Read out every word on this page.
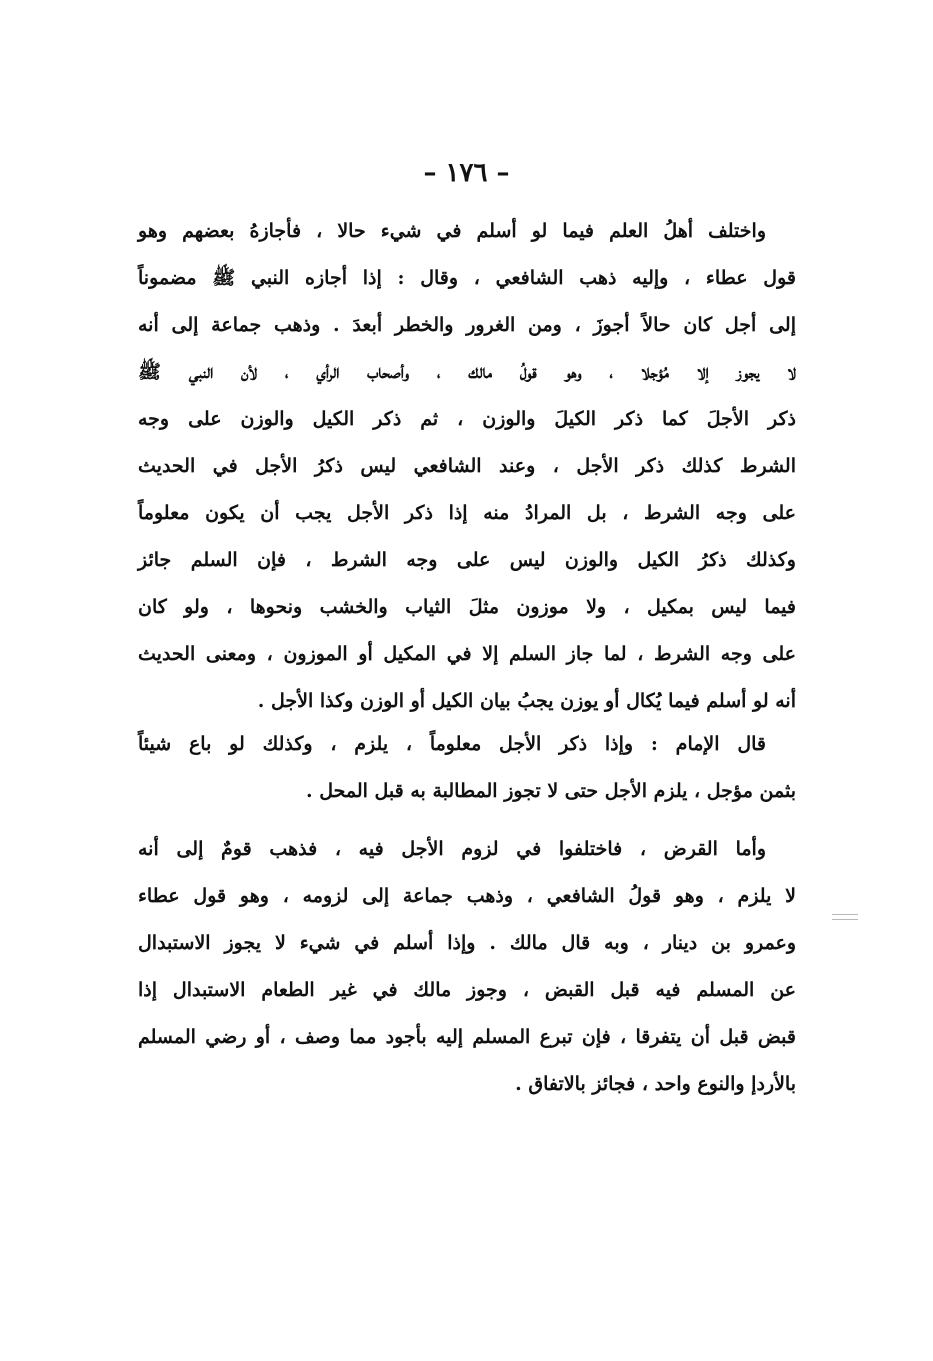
– ١٧٦ –
واختلف أهلُ العلم فيما لو أسلم في شيء حالا ، فأجازهُ بعضهم وهو
قول عطاء ، وإليه ذهب الشافعي ، وقال : إذا أجازه النبي ﷺ مضموناً
إلى أجل كان حالاً أجوزَ ، ومن الغرور والخطر أبعدَ . وذهب جماعة إلى أنه
لا يجوز إلا مُؤجلا ، وهو قولُ مالك ، وأصحاب الرأي ، لأن النبي ﷺ
ذكر الأجلَ كما ذكر الكيلَ والوزن ، ثم ذكر الكيل والوزن على وجه
الشرط كذلك ذكر الأجل ، وعند الشافعي ليس ذكرُ الأجل في الحديث
على وجه الشرط ، بل المرادُ منه إذا ذكر الأجل يجب أن يكون معلوماً
وكذلك ذكرُ الكيل والوزن ليس على وجه الشرط ، فإن السلم جائز
فيما ليس بمكيل ، ولا موزون مثلَ الثياب والخشب ونحوها ، ولو كان
على وجه الشرط ، لما جاز السلم إلا في المكيل أو الموزون ، ومعنى الحديث
أنه لو أسلم فيما يُكال أو يوزن يجبُ بيان الكيل أو الوزن وكذا الأجل .
قال الإمام : وإذا ذكر الأجل معلوماً ، يلزم ، وكذلك لو باع شيئاً
بثمن مؤجل ، يلزم الأجل حتى لا تجوز المطالبة به قبل المحل .
وأما القرض ، فاختلفوا في لزوم الأجل فيه ، فذهب قومٌ إلى أنه
لا يلزم ، وهو قولُ الشافعي ، وذهب جماعة إلى لزومه ، وهو قول عطاء
وعمرو بن دينار ، وبه قال مالك . وإذا أسلم في شيء لا يجوز الاستبدال
عن المسلم فيه قبل القبض ، وجوز مالك في غير الطعام الاستبدال إذا
قبض قبل أن يتفرقا ، فإن تبرع المسلم إليه بأجود مما وصف ، أو رضي المسلم
بالأردإ والنوع واحد ، فجائز بالاتفاق .
